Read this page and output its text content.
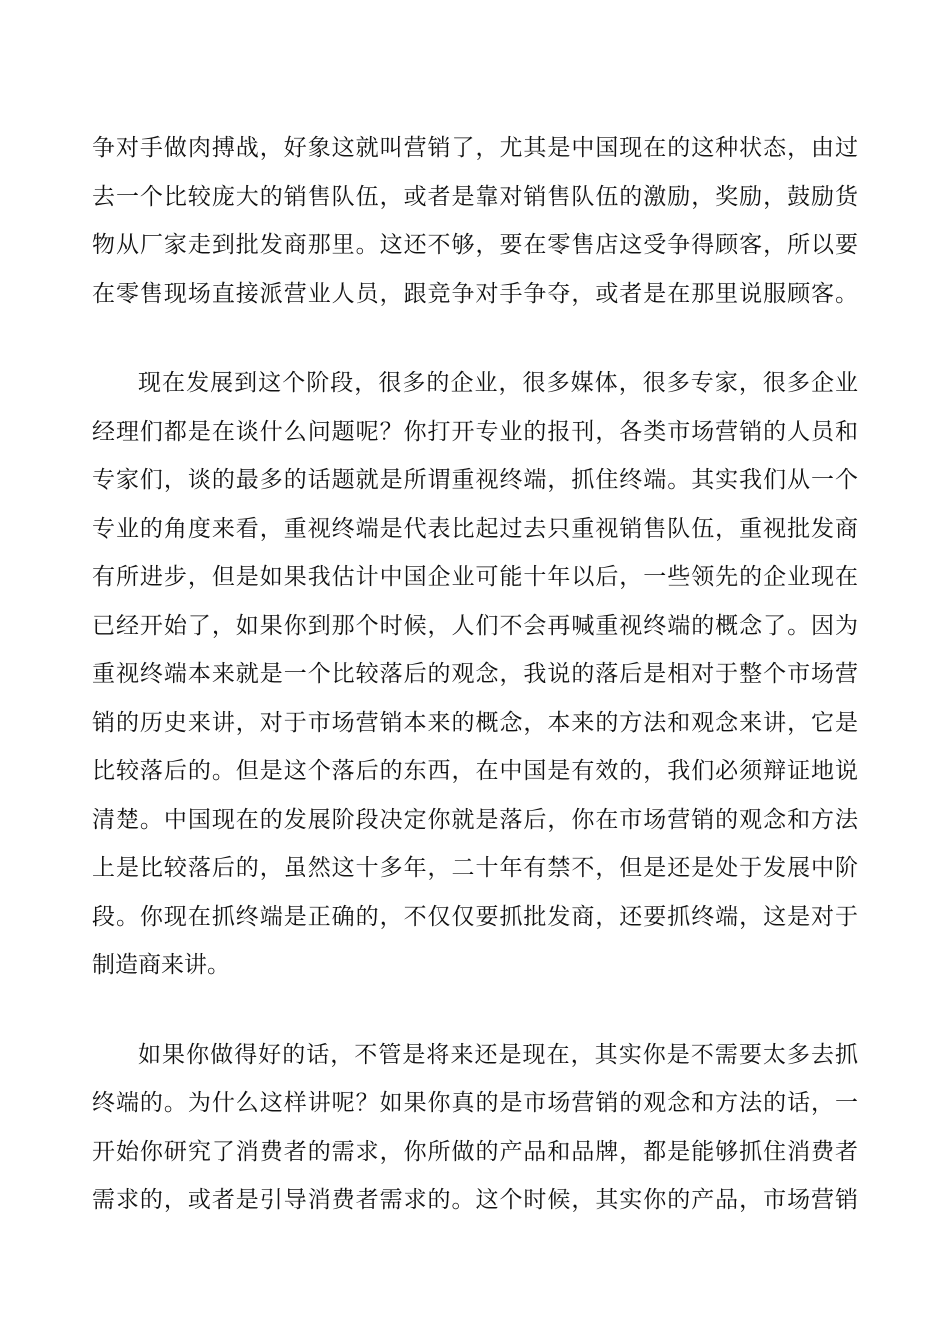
争对手做肉搏战，好象这就叫营销了，尤其是中国现在的这种状态，由过
去一个比较庞大的销售队伍，或者是靠对销售队伍的激励，奖励，鼓励货
物从厂家走到批发商那里。这还不够，要在零售店这受争得顾客，所以要
在零售现场直接派营业人员，跟竞争对手争夺，或者是在那里说服顾客。
现在发展到这个阶段，很多的企业，很多媒体，很多专家，很多企业
经理们都是在谈什么问题呢？你打开专业的报刊，各类市场营销的人员和
专家们，谈的最多的话题就是所谓重视终端，抓住终端。其实我们从一个
专业的角度来看，重视终端是代表比起过去只重视销售队伍，重视批发商
有所进步，但是如果我估计中国企业可能十年以后，一些领先的企业现在
已经开始了，如果你到那个时候，人们不会再喊重视终端的概念了。因为
重视终端本来就是一个比较落后的观念，我说的落后是相对于整个市场营
销的历史来讲，对于市场营销本来的概念，本来的方法和观念来讲，它是
比较落后的。但是这个落后的东西，在中国是有效的，我们必须辩证地说
清楚。中国现在的发展阶段决定你就是落后，你在市场营销的观念和方法
上是比较落后的，虽然这十多年，二十年有禁不，但是还是处于发展中阶
段。你现在抓终端是正确的，不仅仅要抓批发商，还要抓终端，这是对于
制造商来讲。
如果你做得好的话，不管是将来还是现在，其实你是不需要太多去抓
终端的。为什么这样讲呢？如果你真的是市场营销的观念和方法的话，一
开始你研究了消费者的需求，你所做的产品和品牌，都是能够抓住消费者
需求的，或者是引导消费者需求的。这个时候，其实你的产品，市场营销
